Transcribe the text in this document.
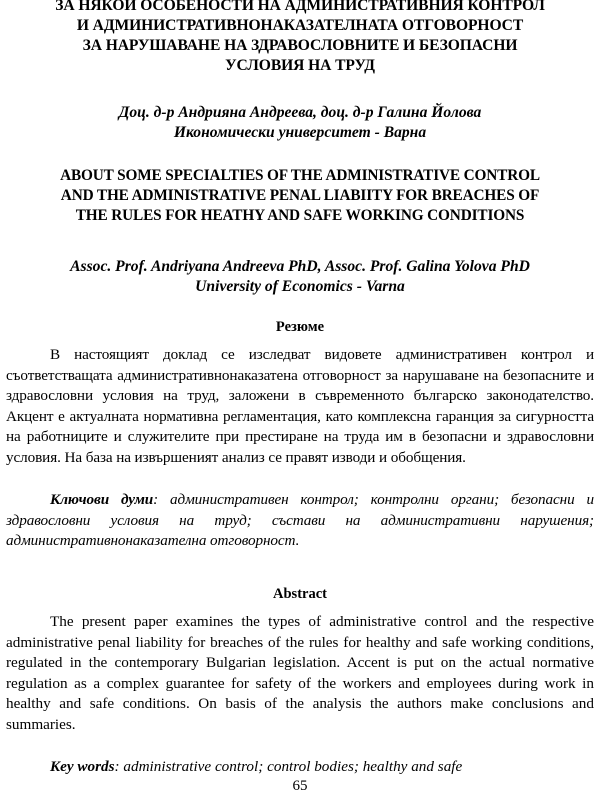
ЗА НЯКОИ ОСОБЕНОСТИ НА АДМИНИСТРАТИВНИЯ КОНТРОЛ
И АДМИНИСТРАТИВНОНАКАЗАТЕЛНАТА ОТГОВОРНОСТ
ЗА НАРУШАВАНЕ НА ЗДРАВОСЛОВНИТЕ И БЕЗОПАСНИ
УСЛОВИЯ НА ТРУД
Доц. д-р Андрияна Андреева, доц. д-р Галина Йолова
Икономически университет - Варна
ABOUT SOME SPECIALTIES OF THE ADMINISTRATIVE CONTROL
AND THE ADMINISTRATIVE PENAL LIABIITY FOR BREACHES OF
THE RULES FOR HEATHY AND SAFE WORKING CONDITIONS
Assoc. Prof. Andriyana Andreeva PhD, Assoc. Prof. Galina Yolova PhD
University of Economics - Varna
Резюме

В настоящият доклад се изследват видовете административен контрол и съответстващата административнонаказатена отговорност за нарушаване на безопасните и здравословни условия на труд, заложени в съвременното българско законодателство. Акцент е актуалната нормативна регламентация, като комплексна гаранция за сигурността на работниците и служителите при престиране на труда им в безопасни и здравословни условия. На база на извършеният анализ се правят изводи и обобщения.

Ключови думи: административен контрол; контролни органи; безопасни и здравословни условия на труд; състави на административни нарушения; административнонаказателна отговорност.

Abstract

The present paper examines the types of administrative control and the respective administrative penal liability for breaches of the rules for healthy and safe working conditions, regulated in the contemporary Bulgarian legislation. Accent is put on the actual normative regulation as a complex guarantee for safety of the workers and employees during work in healthy and safe conditions. On basis of the analysis the authors make conclusions and summaries.

Key words: administrative control; control bodies; healthy and safe

65
